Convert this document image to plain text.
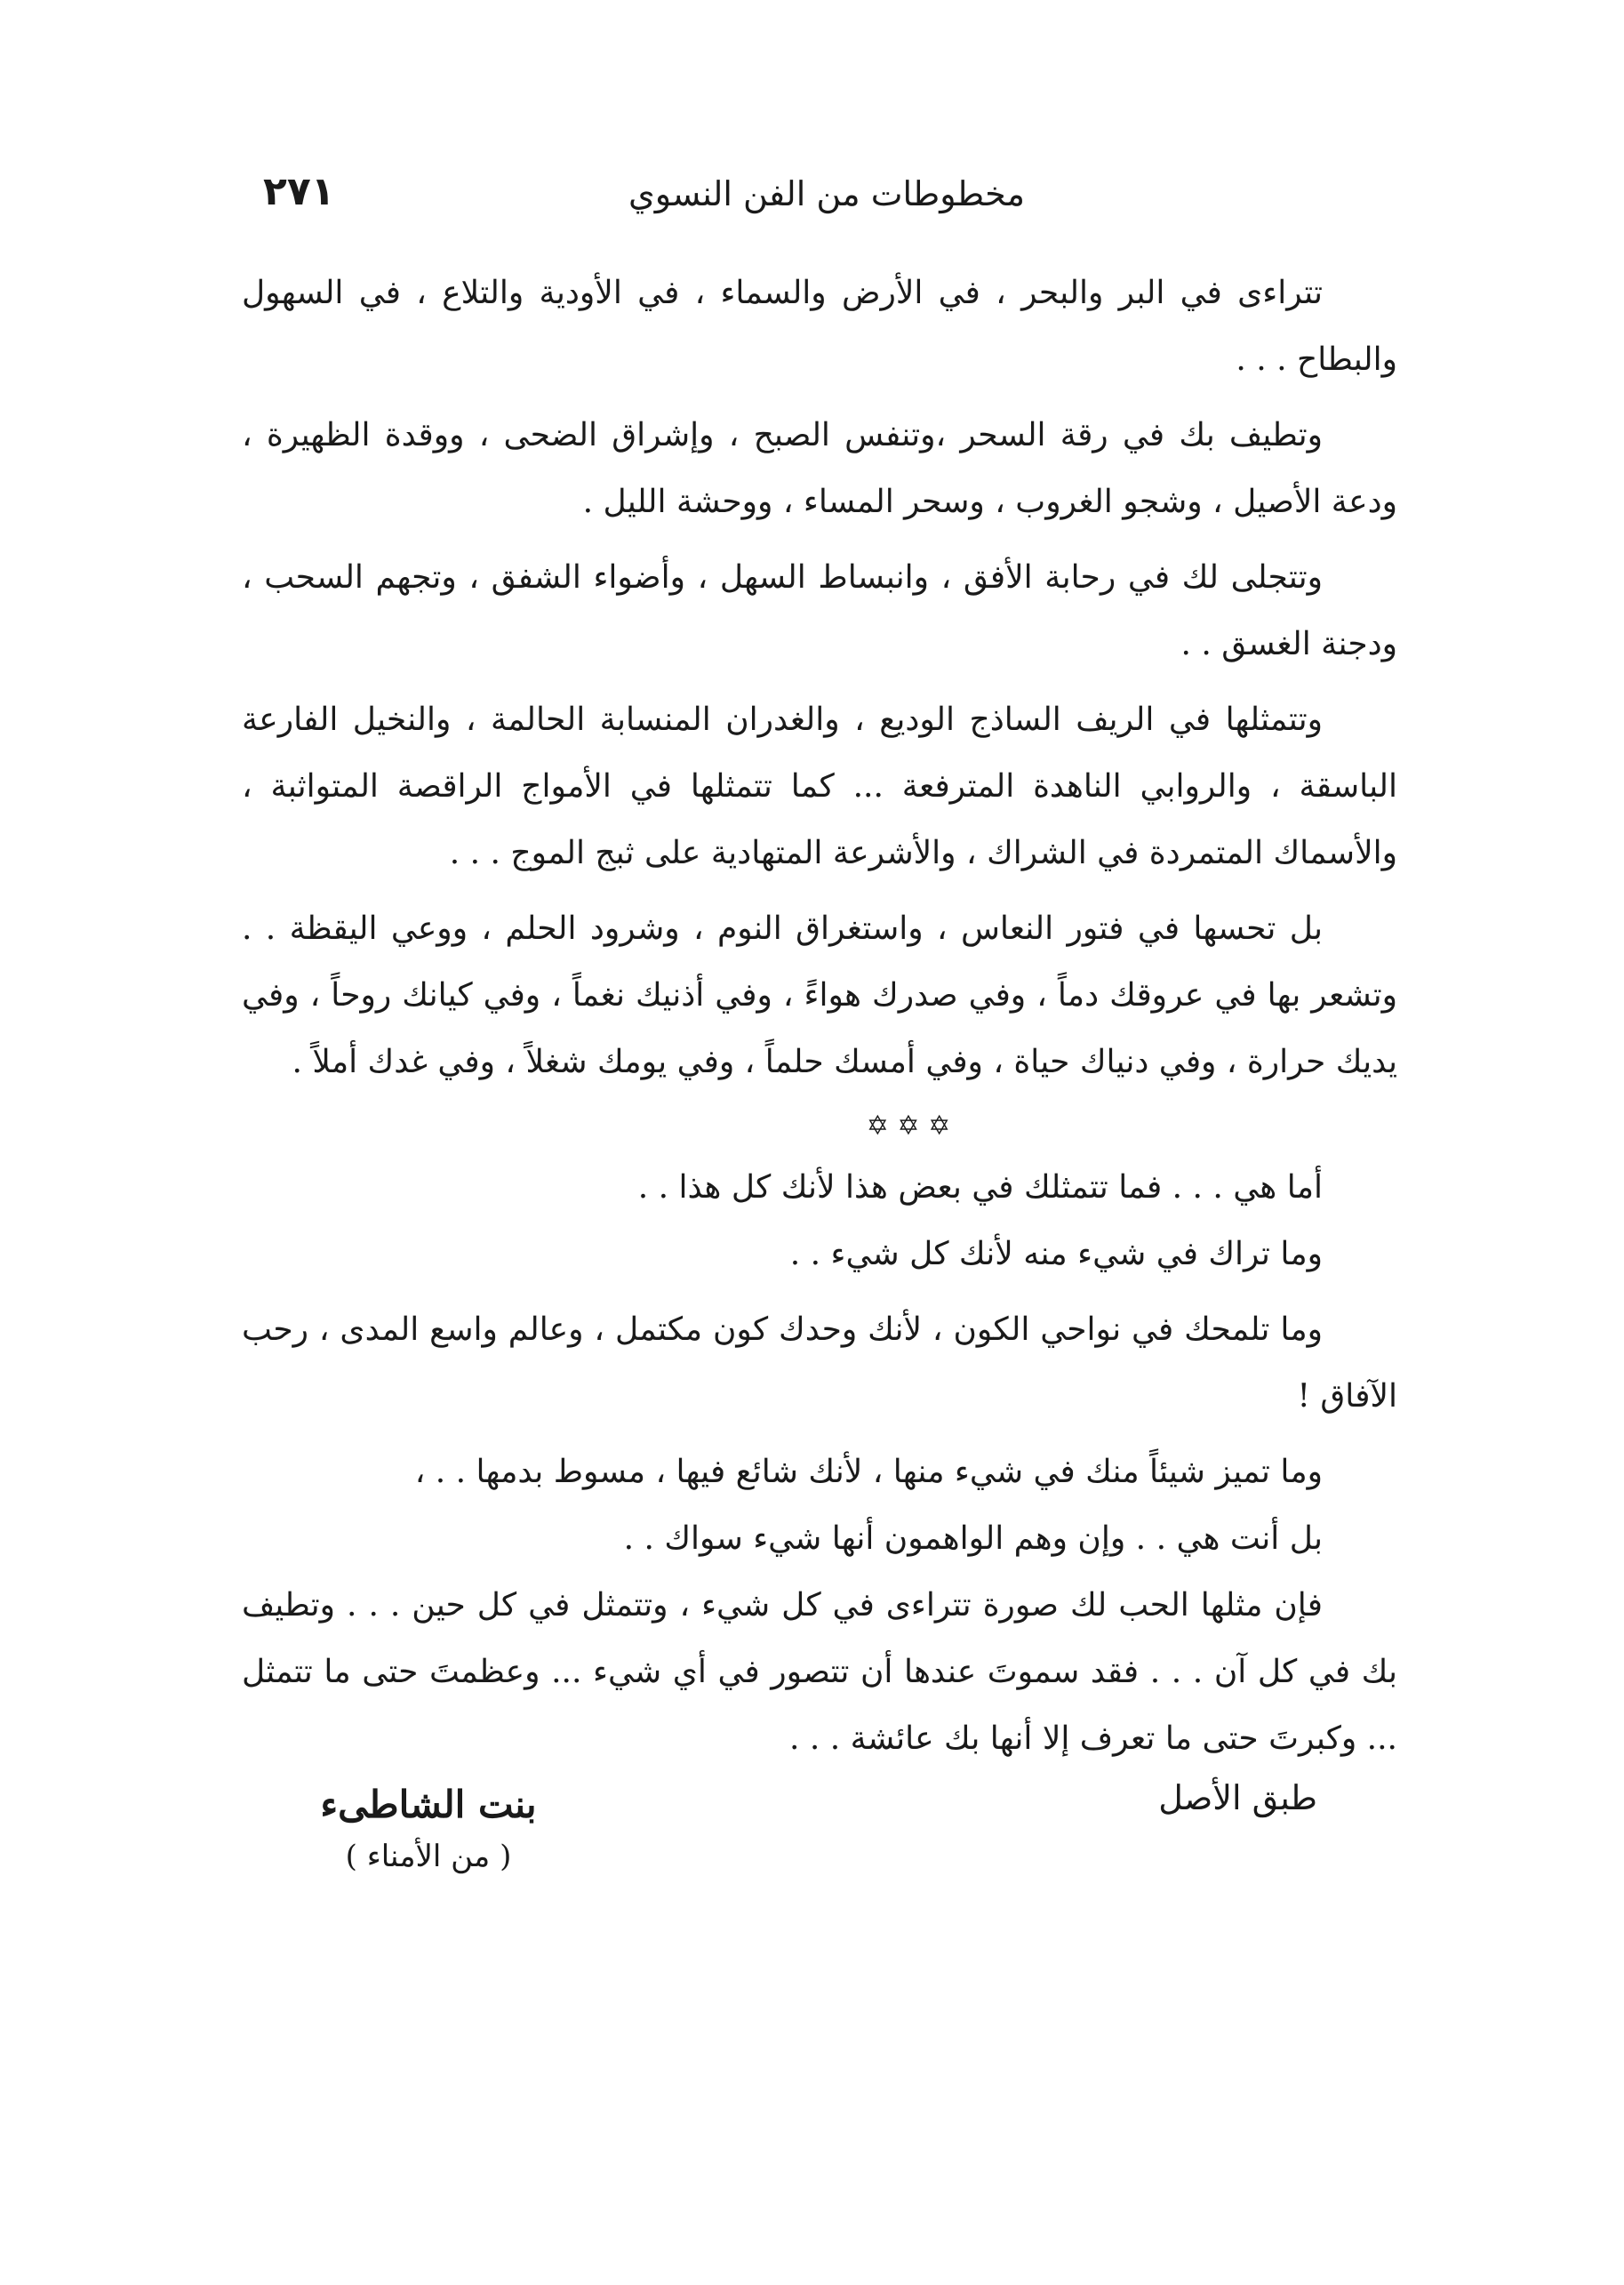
مخطوطات من الفن النسوي
٢٧١

تتراءى في البر والبحر ، في الأرض والسماء ، في الأودية والتلاع ، في السهول والبطاح . . .

وتطيف بك في رقة السحر ،وتنفس الصبح ، وإشراق الضحى ، ووقدة الظهيرة ، ودعة الأصيل ، وشجو الغروب ، وسحر المساء ، ووحشة الليل .

وتتجلى لك في رحابة الأفق ، وانبساط السهل ، وأضواء الشفق ، وتجهم السحب ، ودجنة الغسق . .

وتتمثلها في الريف الساذج الوديع ، والغدران المنسابة الحالمة ، والنخيل الفارعة الباسقة ، والروابي الناهدة المترفعة ... كما تتمثلها في الأمواج الراقصة المتواثبة ، والأسماك المتمردة في الشراك ، والأشرعة المتهادية على ثبج الموج . . .

بل تحسها في فتور النعاس ، واستغراق النوم ، وشرود الحلم ، ووعي اليقظة . . وتشعر بها في عروقك دماً ، وفي صدرك هواءً ، وفي أذنيك نغماً ، وفي كيانك روحاً ، وفي يديك حرارة ، وفي دنياك حياة ، وفي أمسك حلماً ، وفي يومك شغلاً ، وفي غدك أملاً .

✡ ✡ ✡

أما هي . . . فما تتمثلك في بعض هذا لأنك كل هذا . .

وما تراك في شيء منه لأنك كل شيء . .

وما تلمحك في نواحي الكون ، لأنك وحدك كون مكتمل ، وعالم واسع المدى ، رحب الآفاق !

وما تميز شيئاً منك في شيء منها ، لأنك شائع فيها ، مسوط بدمها . . ،

بل أنت هي . . وإن وهم الواهمون أنها شيء سواك . .

فإن مثلها الحب لك صورة تتراءى في كل شيء ، وتتمثل في كل حين . . . وتطيف بك في كل آن . . . فقد سموتَ عندها أن تتصور في أي شيء ... وعظمتَ حتى ما تتمثل ... وكبرتَ حتى ما تعرف إلا أنها بك عائشة . . .

طبق الأصل
بنت الشاطىء
( من الأمناء )
